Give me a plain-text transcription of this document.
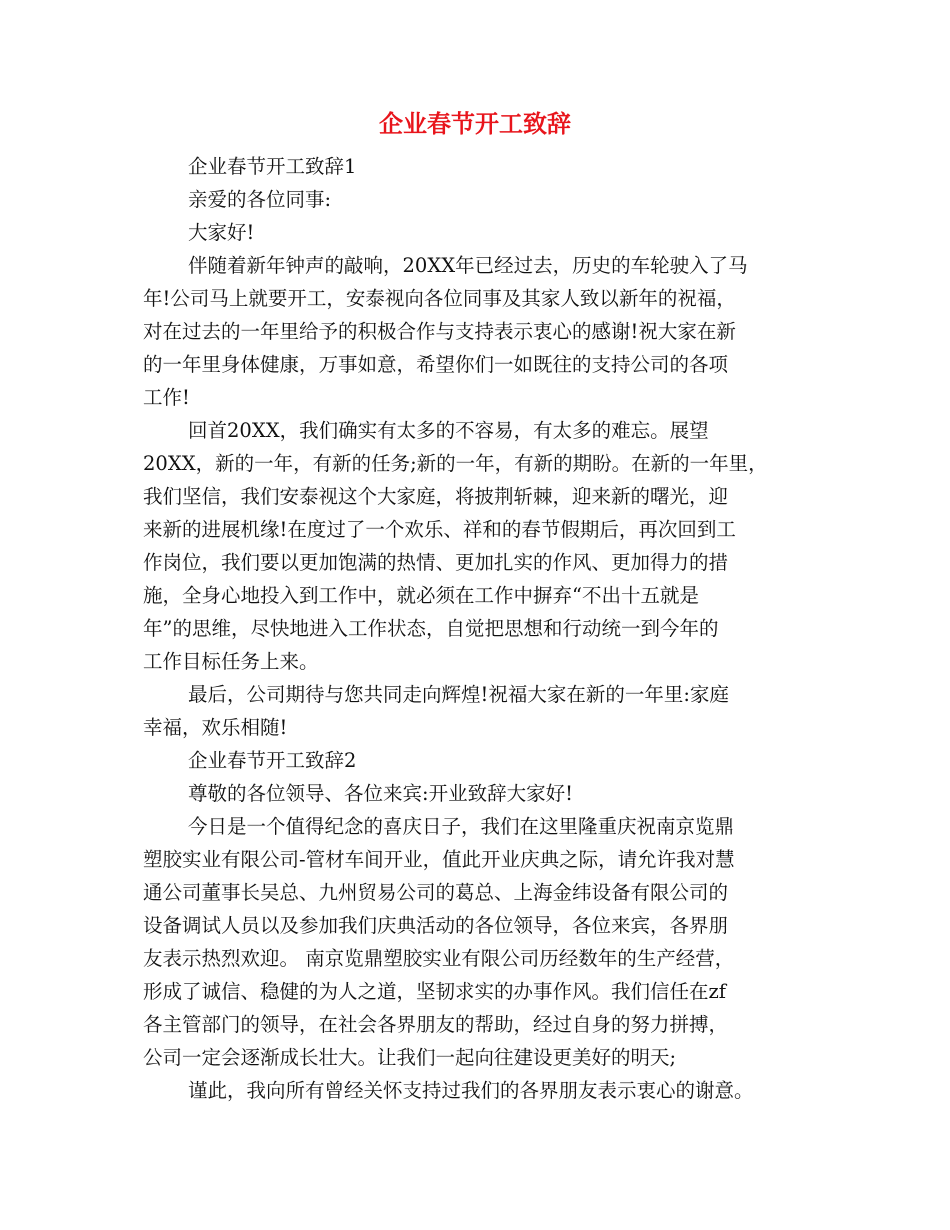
企业春节开工致辞
企业春节开工致辞1
亲爱的各位同事:
大家好!
伴随着新年钟声的敲响，20XX年已经过去，历史的车轮驶入了马
年!公司马上就要开工，安泰视向各位同事及其家人致以新年的祝福，
对在过去的一年里给予的积极合作与支持表示衷心的感谢!祝大家在新
的一年里身体健康，万事如意，希望你们一如既往的支持公司的各项
工作!
回首20XX，我们确实有太多的不容易，有太多的难忘。展望
20XX，新的一年，有新的任务;新的一年，有新的期盼。在新的一年里，
我们坚信，我们安泰视这个大家庭，将披荆斩棘，迎来新的曙光，迎
来新的进展机缘!在度过了一个欢乐、祥和的春节假期后，再次回到工
作岗位，我们要以更加饱满的热情、更加扎实的作风、更加得力的措
施，全身心地投入到工作中，就必须在工作中摒弃“不出十五就是
年”的思维，尽快地进入工作状态，自觉把思想和行动统一到今年的
工作目标任务上来。
最后，公司期待与您共同走向辉煌!祝福大家在新的一年里:家庭
幸福，欢乐相随!
企业春节开工致辞2
尊敬的各位领导、各位来宾:开业致辞大家好!
今日是一个值得纪念的喜庆日子，我们在这里隆重庆祝南京览鼎
塑胶实业有限公司-管材车间开业，值此开业庆典之际，请允许我对慧
通公司董事长吴总、九州贸易公司的葛总、上海金纬设备有限公司的
设备调试人员以及参加我们庆典活动的各位领导，各位来宾，各界朋
友表示热烈欢迎。 南京览鼎塑胶实业有限公司历经数年的生产经营，
形成了诚信、稳健的为人之道，坚韧求实的办事作风。我们信任在zf
各主管部门的领导，在社会各界朋友的帮助，经过自身的努力拼搏，
公司一定会逐渐成长壮大。让我们一起向往建设更美好的明天;
谨此，我向所有曾经关怀支持过我们的各界朋友表示衷心的谢意。
